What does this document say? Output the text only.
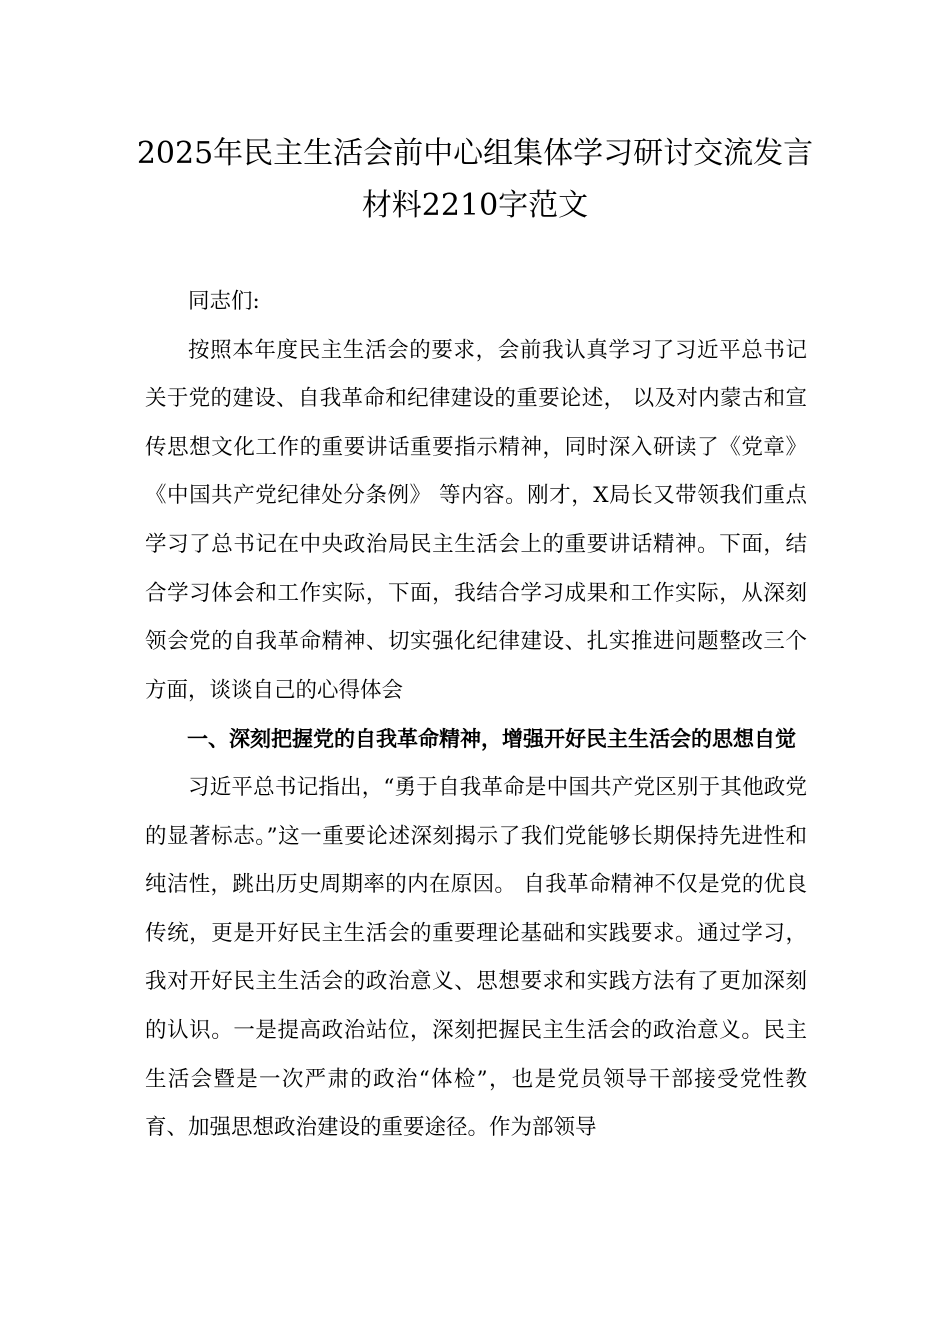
2025年民主生活会前中心组集体学习研讨交流发言
材料2210字范文

同志们:

按照本年度民主生活会的要求，会前我认真学习了习近平总书记关于党的建设、自我革命和纪律建设的重要论述， 以及对内蒙古和宣传思想文化工作的重要讲话重要指示精神，同时深入研读了《党章》《中国共产党纪律处分条例》 等内容。刚才，X局长又带领我们重点学习了总书记在中央政治局民主生活会上的重要讲话精神。下面，结合学习体会和工作实际，下面，我结合学习成果和工作实际，从深刻领会党的自我革命精神、切实强化纪律建设、扎实推进问题整改三个方面，谈谈自己的心得体会

一、深刻把握党的自我革命精神，增强开好民主生活会的思想自觉

习近平总书记指出，“勇于自我革命是中国共产党区别于其他政党的显著标志。”这一重要论述深刻揭示了我们党能够长期保持先进性和纯洁性，跳出历史周期率的内在原因。 自我革命精神不仅是党的优良传统，更是开好民主生活会的重要理论基础和实践要求。通过学习，我对开好民主生活会的政治意义、思想要求和实践方法有了更加深刻的认识。一是提高政治站位，深刻把握民主生活会的政治意义。民主生活会暨是一次严肃的政治“体检”，也是党员领导干部接受党性教育、加强思想政治建设的重要途径。作为部领导
